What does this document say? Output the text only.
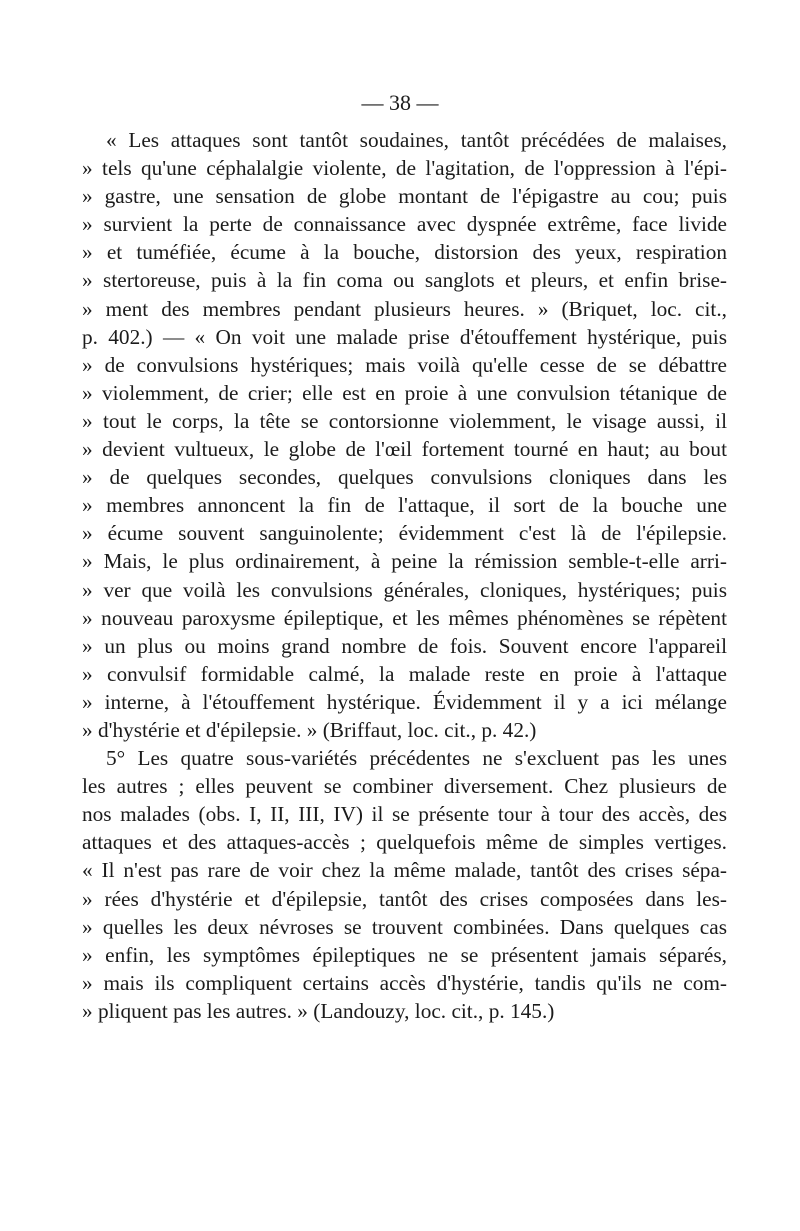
— 38 —
« Les attaques sont tantôt soudaines, tantôt précédées de malaises,
» tels qu'une céphalalgie violente, de l'agitation, de l'oppression à l'épi-
» gastre, une sensation de globe montant de l'épigastre au cou; puis
» survient la perte de connaissance avec dyspnée extrême, face livide
» et tuméfiée, écume à la bouche, distorsion des yeux, respiration
» stertoreuse, puis à la fin coma ou sanglots et pleurs, et enfin brise-
» ment des membres pendant plusieurs heures. » (Briquet, loc. cit.,
p. 402.) — « On voit une malade prise d'étouffement hystérique, puis
» de convulsions hystériques; mais voilà qu'elle cesse de se débattre
» violemment, de crier; elle est en proie à une convulsion tétanique de
» tout le corps, la tête se contorsionne violemment, le visage aussi, il
» devient vultueux, le globe de l'œil fortement tourné en haut; au bout
» de quelques secondes, quelques convulsions cloniques dans les
» membres annoncent la fin de l'attaque, il sort de la bouche une
» écume souvent sanguinolente; évidemment c'est là de l'épilepsie.
» Mais, le plus ordinairement, à peine la rémission semble-t-elle arri-
» ver que voilà les convulsions générales, cloniques, hystériques; puis
» nouveau paroxysme épileptique, et les mêmes phénomènes se répètent
» un plus ou moins grand nombre de fois. Souvent encore l'appareil
» convulsif formidable calmé, la malade reste en proie à l'attaque
» interne, à l'étouffement hystérique. Évidemment il y a ici mélange
» d'hystérie et d'épilepsie. » (Briffaut, loc. cit., p. 42.)
5° Les quatre sous-variétés précédentes ne s'excluent pas les unes
les autres ; elles peuvent se combiner diversement. Chez plusieurs de
nos malades (obs. I, II, III, IV) il se présente tour à tour des accès, des
attaques et des attaques-accès ; quelquefois même de simples vertiges.
« Il n'est pas rare de voir chez la même malade, tantôt des crises sépa-
» rées d'hystérie et d'épilepsie, tantôt des crises composées dans les-
» quelles les deux névroses se trouvent combinées. Dans quelques cas
» enfin, les symptômes épileptiques ne se présentent jamais séparés,
» mais ils compliquent certains accès d'hystérie, tandis qu'ils ne com-
» pliquent pas les autres. » (Landouzy, loc. cit., p. 145.)
